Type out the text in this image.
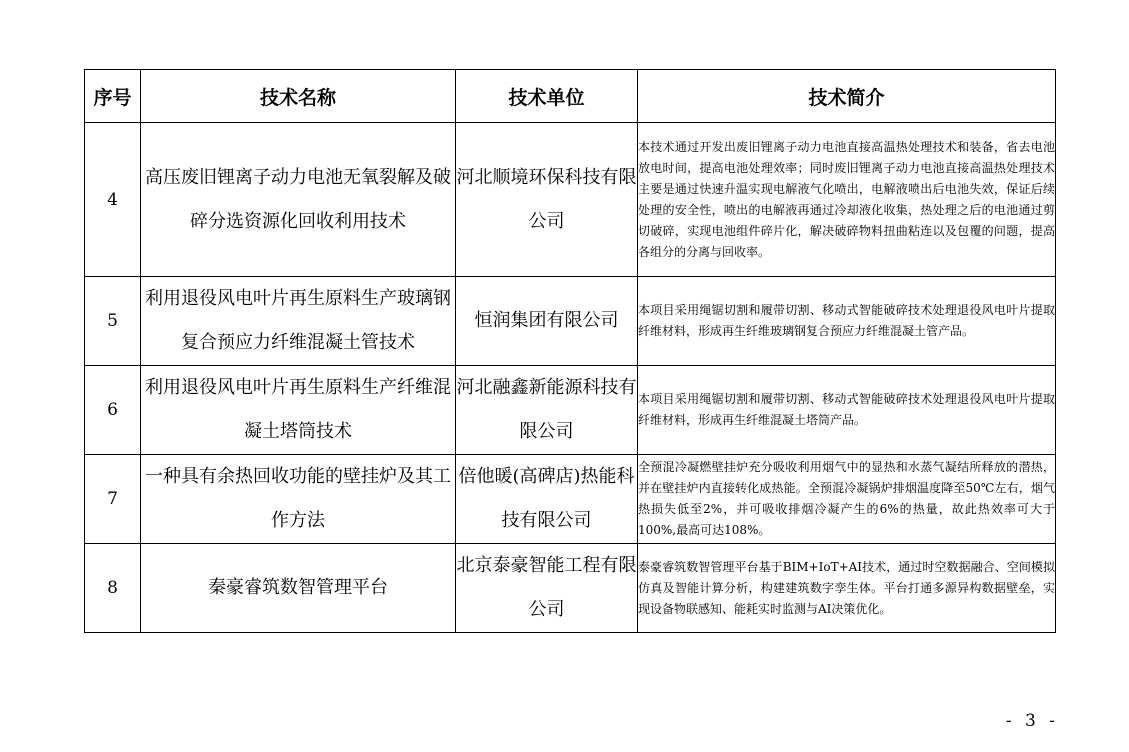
序号	技术名称	技术单位	技术简介
4	高压废旧锂离子动力电池无氧裂解及破碎分选资源化回收利用技术	河北顺境环保科技有限公司	本技术通过开发出废旧锂离子动力电池直接高温热处理技术和装备，省去电池放电时间，提高电池处理效率；同时废旧锂离子动力电池直接高温热处理技术主要是通过快速升温实现电解液气化喷出，电解液喷出后电池失效，保证后续处理的安全性，喷出的电解液再通过冷却液化收集，热处理之后的电池通过剪切破碎，实现电池组件碎片化，解决破碎物料扭曲粘连以及包覆的问题，提高各组分的分离与回收率。
5	利用退役风电叶片再生原料生产玻璃钢复合预应力纤维混凝土管技术	恒润集团有限公司	本项目采用绳锯切割和履带切割、移动式智能破碎技术处理退役风电叶片提取纤维材料，形成再生纤维玻璃钢复合预应力纤维混凝土管产品。
6	利用退役风电叶片再生原料生产纤维混凝土塔筒技术	河北融鑫新能源科技有限公司	本项目采用绳锯切割和履带切割、移动式智能破碎技术处理退役风电叶片提取纤维材料，形成再生纤维混凝土塔筒产品。
7	一种具有余热回收功能的壁挂炉及其工作方法	倍他暖(高碑店)热能科技有限公司	全预混冷凝燃壁挂炉充分吸收利用烟气中的显热和水蒸气凝结所释放的潜热，并在壁挂炉内直接转化成热能。全预混冷凝锅炉排烟温度降至50℃左右，烟气热损失低至2%，并可吸收排烟冷凝产生的6%的热量，故此热效率可大于100%,最高可达108%。
8	秦豪睿筑数智管理平台	北京泰豪智能工程有限公司	泰豪睿筑数智管理平台基于BIM+IoT+AI技术，通过时空数据融合、空间模拟仿真及智能计算分析，构建建筑数字孪生体。平台打通多源异构数据壁垒，实现设备物联感知、能耗实时监测与AI决策优化。
- 3 -
